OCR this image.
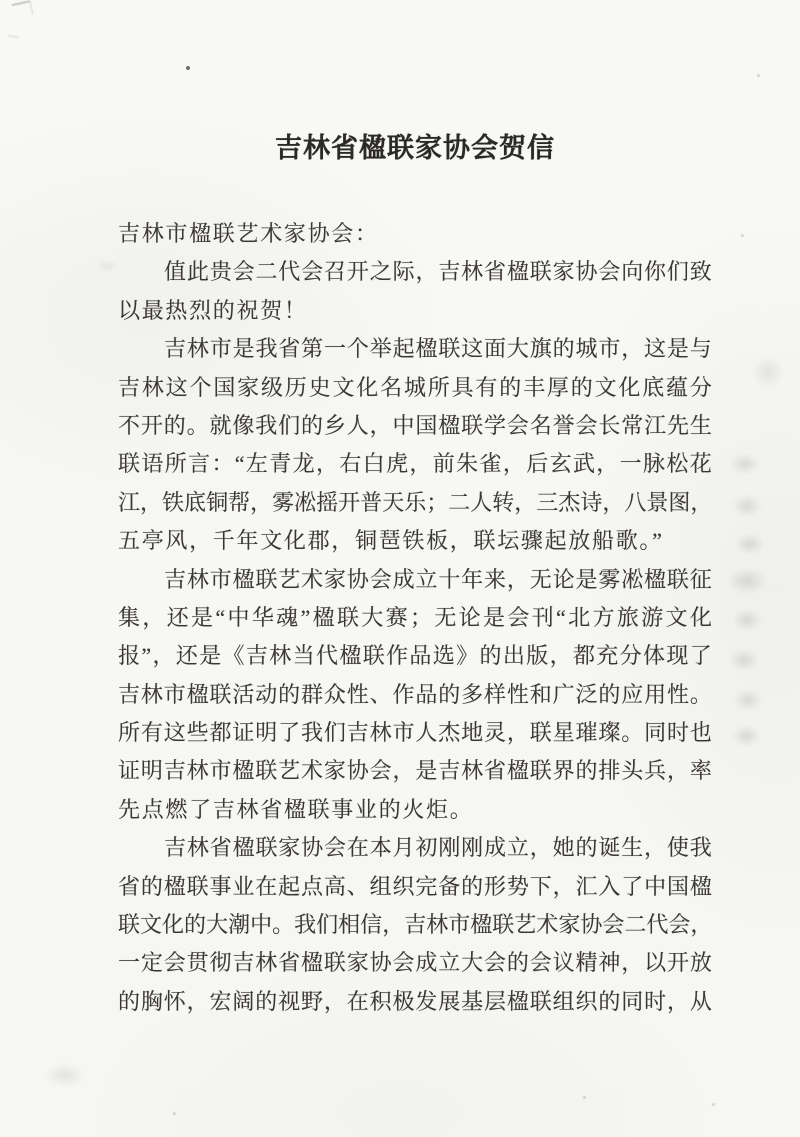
吉林省楹联家协会贺信
吉林市楹联艺术家协会：
值 此 贵 会 二 代 会 召 开 之 际 ， 吉 林 省 楹 联 家 协 会 向 你 们 致
以最热烈的祝贺！
吉 林 市 是 我 省 第 一 个 举 起 楹 联 这 面 大 旗 的 城 市 ， 这 是 与
吉 林 这 个 国 家 级 历 史 文 化 名 城 所 具 有 的 丰 厚 的 文 化 底 蕴 分
不 开 的 。 就 像 我 们 的 乡 人 ， 中 国 楹 联 学 会 名 誉 会 长 常 江 先 生
联 语 所 言 ： “ 左 青 龙 ， 右 白 虎 ， 前 朱 雀 ， 后 玄 武 ， 一 脉 松 花
江 ， 铁 底 铜 帮 ， 雾 凇 摇 开 普 天 乐 ； 二 人 转 ， 三 杰 诗 ， 八 景 图 ，
五亭风，千年文化郡，铜琶铁板，联坛骤起放船歌。”
吉 林 市 楹 联 艺 术 家 协 会 成 立 十 年 来 ， 无 论 是 雾 凇 楹 联 征
集 ， 还 是 “ 中 华 魂 ” 楹 联 大 赛 ； 无 论 是 会 刊 “ 北 方 旅 游 文 化
报 ” ， 还 是 《 吉 林 当 代 楹 联 作 品 选 》 的 出 版 ， 都 充 分 体 现 了
吉 林 市 楹 联 活 动 的 群 众 性 、 作 品 的 多 样 性 和 广 泛 的 应 用 性 。
所 有 这 些 都 证 明 了 我 们 吉 林 市 人 杰 地 灵 ， 联 星 璀 璨 。 同 时 也
证 明 吉 林 市 楹 联 艺 术 家 协 会 ， 是 吉 林 省 楹 联 界 的 排 头 兵 ， 率
先点燃了吉林省楹联事业的火炬。
吉 林 省 楹 联 家 协 会 在 本 月 初 刚 刚 成 立 ， 她 的 诞 生 ， 使 我
省 的 楹 联 事 业 在 起 点 高 、 组 织 完 备 的 形 势 下 ， 汇 入 了 中 国 楹
联 文 化 的 大 潮 中 。 我 们 相 信 ， 吉 林 市 楹 联 艺 术 家 协 会 二 代 会 ，
一 定 会 贯 彻 吉 林 省 楹 联 家 协 会 成 立 大 会 的 会 议 精 神 ， 以 开 放
的 胸 怀 ， 宏 阔 的 视 野 ， 在 积 极 发 展 基 层 楹 联 组 织 的 同 时 ， 从
